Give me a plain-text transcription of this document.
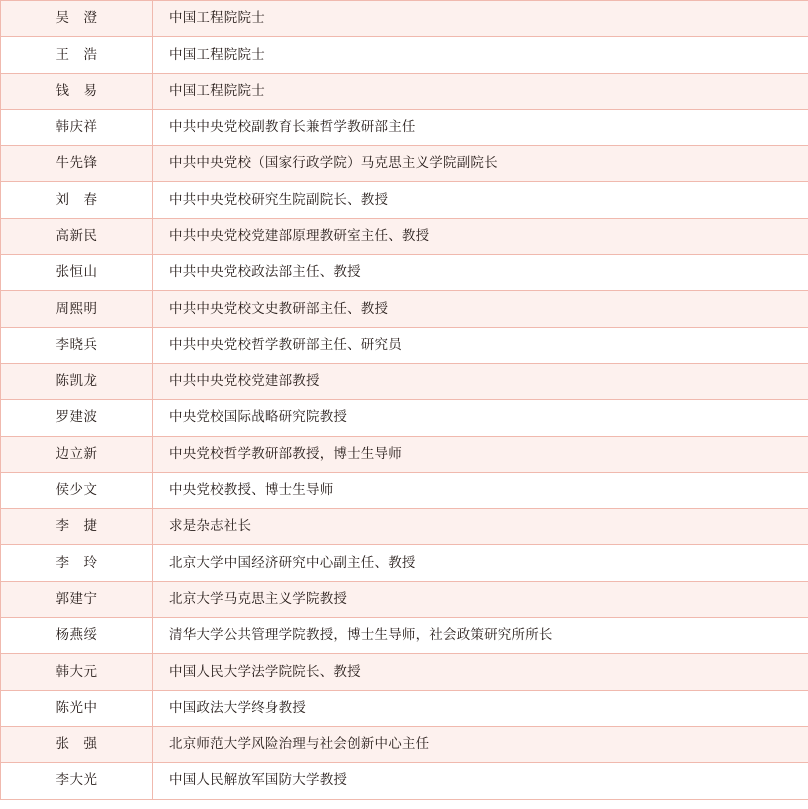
吴　澄	中国工程院院士
王　浩	中国工程院院士
钱　易	中国工程院院士
韩庆祥	中共中央党校副教育长兼哲学教研部主任
牛先锋	中共中央党校（国家行政学院）马克思主义学院副院长
刘　春	中共中央党校研究生院副院长、教授
高新民	中共中央党校党建部原理教研室主任、教授
张恒山	中共中央党校政法部主任、教授
周熙明	中共中央党校文史教研部主任、教授
李晓兵	中共中央党校哲学教研部主任、研究员
陈凯龙	中共中央党校党建部教授
罗建波	中央党校国际战略研究院教授
边立新	中央党校哲学教研部教授，博士生导师
侯少文	中央党校教授、博士生导师
李　捷	求是杂志社长
李　玲	北京大学中国经济研究中心副主任、教授
郭建宁	北京大学马克思主义学院教授
杨燕绥	清华大学公共管理学院教授，博士生导师，社会政策研究所所长
韩大元	中国人民大学法学院院长、教授
陈光中	中国政法大学终身教授
张　强	北京师范大学风险治理与社会创新中心主任
李大光	中国人民解放军国防大学教授
